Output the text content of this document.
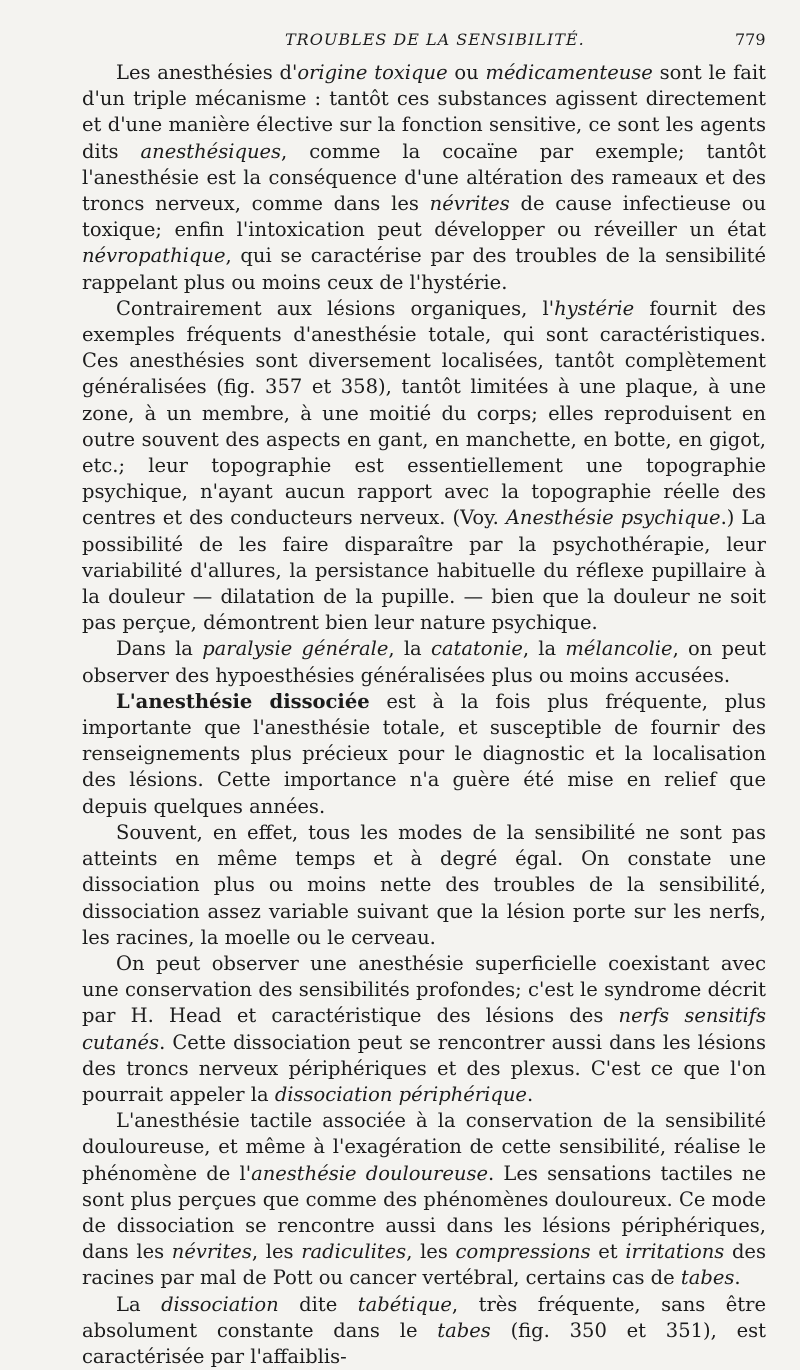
TROUBLES DE LA SENSIBILITÉ.	779

Les anesthésies d'origine toxique ou médicamenteuse sont le fait d'un triple mécanisme : tantôt ces substances agissent directement et d'une manière élective sur la fonction sensitive, ce sont les agents dits anesthésiques, comme la cocaïne par exemple; tantôt l'anesthésie est la conséquence d'une altération des rameaux et des troncs nerveux, comme dans les névrites de cause infectieuse ou toxique; enfin l'intoxication peut développer ou réveiller un état névropathique, qui se caractérise par des troubles de la sensibilité rappelant plus ou moins ceux de l'hystérie.

Contrairement aux lésions organiques, l'hystérie fournit des exemples fréquents d'anesthésie totale, qui sont caractéristiques. Ces anesthésies sont diversement localisées, tantôt complètement généralisées (fig. 357 et 358), tantôt limitées à une plaque, à une zone, à un membre, à une moitié du corps; elles reproduisent en outre souvent des aspects en gant, en manchette, en botte, en gigot, etc.; leur topographie est essentiellement une topographie psychique, n'ayant aucun rapport avec la topographie réelle des centres et des conducteurs nerveux. (Voy. Anesthésie psychique.) La possibilité de les faire disparaître par la psychothérapie, leur variabilité d'allures, la persistance habituelle du réflexe pupillaire à la douleur — dilatation de la pupille. — bien que la douleur ne soit pas perçue, démontrent bien leur nature psychique.

Dans la paralysie générale, la catatonie, la mélancolie, on peut observer des hypoesthésies généralisées plus ou moins accusées.

L'anesthésie dissociée est à la fois plus fréquente, plus importante que l'anesthésie totale, et susceptible de fournir des renseignements plus précieux pour le diagnostic et la localisation des lésions. Cette importance n'a guère été mise en relief que depuis quelques années.

Souvent, en effet, tous les modes de la sensibilité ne sont pas atteints en même temps et à degré égal. On constate une dissociation plus ou moins nette des troubles de la sensibilité, dissociation assez variable suivant que la lésion porte sur les nerfs, les racines, la moelle ou le cerveau.

On peut observer une anesthésie superficielle coexistant avec une conservation des sensibilités profondes; c'est le syndrome décrit par H. Head et caractéristique des lésions des nerfs sensitifs cutanés. Cette dissociation peut se rencontrer aussi dans les lésions des troncs nerveux périphériques et des plexus. C'est ce que l'on pourrait appeler la dissociation périphérique.

L'anesthésie tactile associée à la conservation de la sensibilité douloureuse, et même à l'exagération de cette sensibilité, réalise le phénomène de l'anesthésie douloureuse. Les sensations tactiles ne sont plus perçues que comme des phénomènes douloureux. Ce mode de dissociation se rencontre aussi dans les lésions périphériques, dans les névrites, les radiculites, les compressions et irritations des racines par mal de Pott ou cancer vertébral, certains cas de tabes.

La dissociation dite tabétique, très fréquente, sans être absolument constante dans le tabes (fig. 350 et 351), est caractérisée par l'affaiblis-
